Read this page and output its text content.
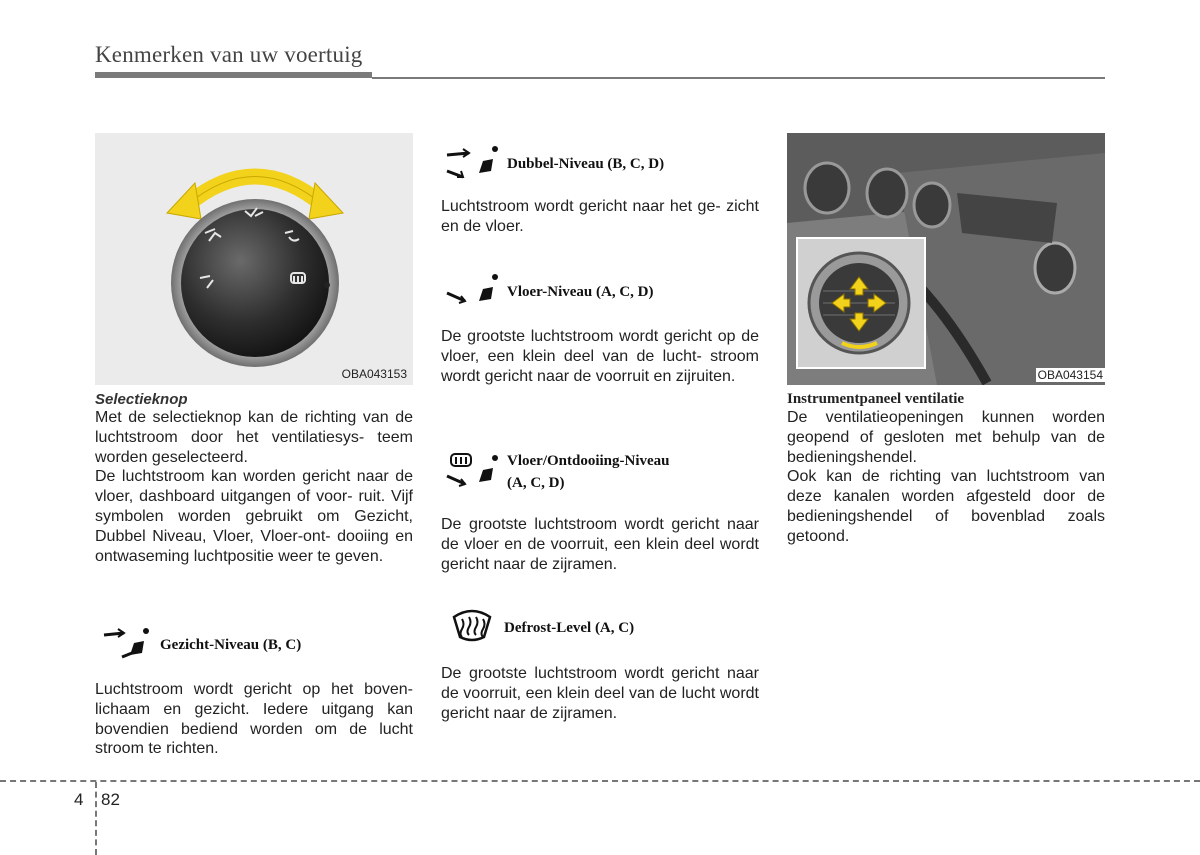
Kenmerken van uw voertuig
OBA043153
Selectieknop

Met de selectieknop kan de richting van de luchtstroom door het ventilatiesys- teem worden geselecteerd.

De luchtstroom kan worden gericht naar de vloer, dashboard uitgangen of voor- ruit. Vijf symbolen worden gebruikt om Gezicht, Dubbel Niveau, Vloer, Vloer-ont- dooiing en ontwaseming luchtpositie weer te geven.

Gezicht-Niveau (B, C)

Luchtstroom wordt gericht op het boven- lichaam en gezicht. Iedere uitgang kan bovendien bediend worden om de lucht stroom te richten.

Dubbel-Niveau (B, C, D)

Luchtstroom wordt gericht naar het ge- zicht en de vloer.

Vloer-Niveau (A, C, D)

De grootste luchtstroom wordt gericht op de vloer, een klein deel van de lucht- stroom wordt gericht naar de voorruit en zijruiten.

Vloer/Ontdooiing-Niveau
(A, C, D)

De grootste luchtstroom wordt gericht naar de vloer en de voorruit, een klein deel wordt gericht naar de zijramen.

Defrost-Level (A, C)

De grootste luchtstroom wordt gericht naar de voorruit, een klein deel van de lucht wordt gericht naar de zijramen.

OBA043154
Instrumentpaneel ventilatie

De ventilatieopeningen kunnen worden geopend of gesloten met behulp van de bedieningshendel.

Ook kan de richting van luchtstroom van deze kanalen worden afgesteld door de bedieningshendel of bovenblad zoals getoond.

4 82
